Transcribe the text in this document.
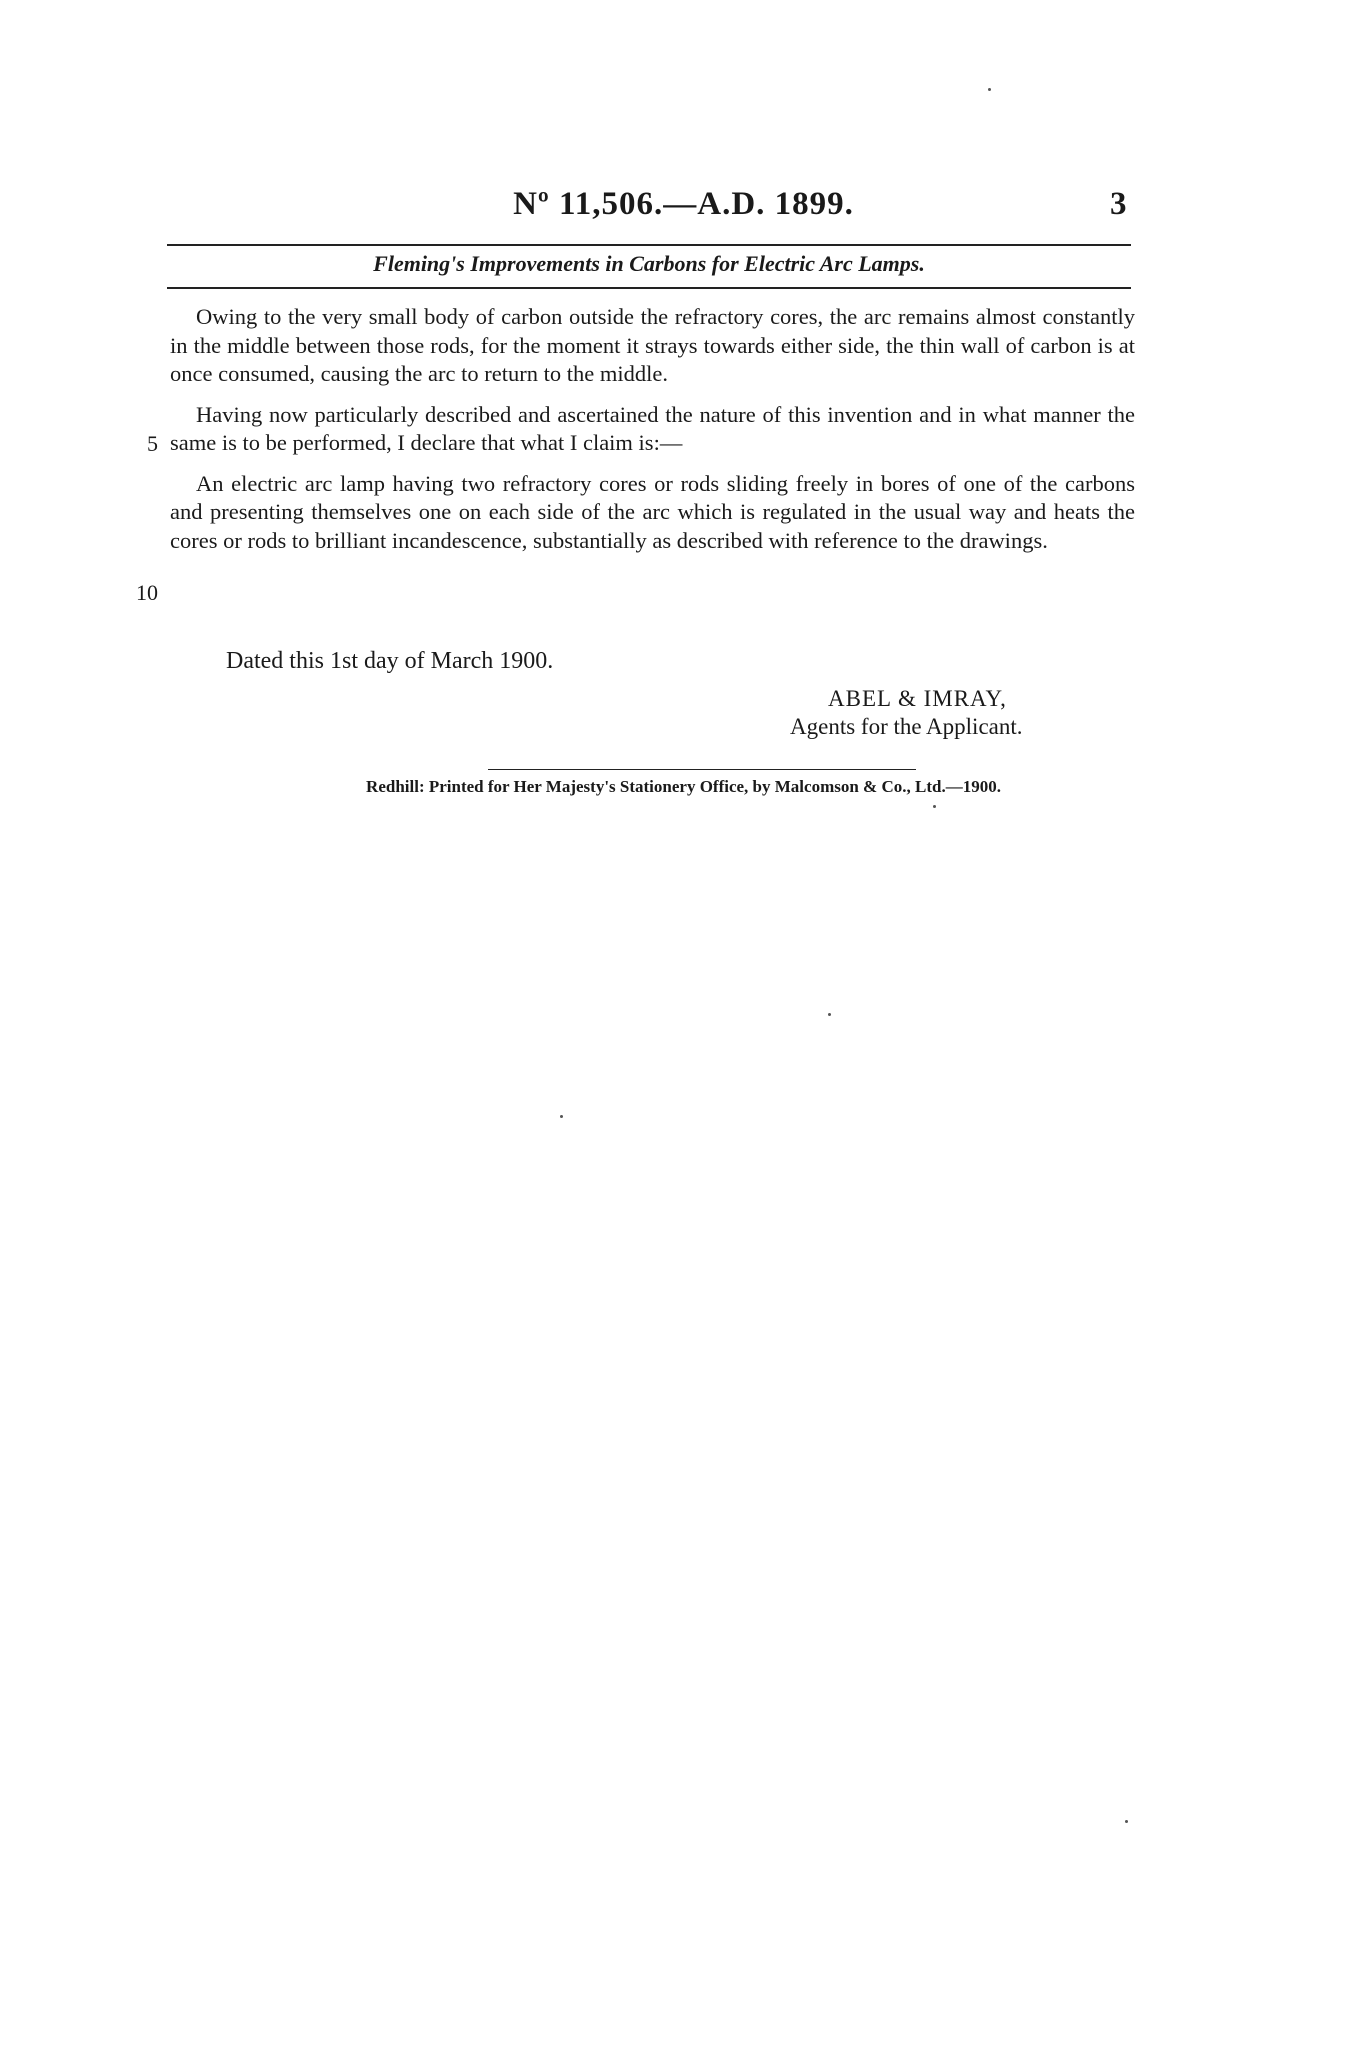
Nº 11,506.—A.D. 1899.	3
Fleming's Improvements in Carbons for Electric Arc Lamps.

Owing to the very small body of carbon outside the refractory cores, the arc remains almost constantly in the middle between those rods, for the moment it strays towards either side, the thin wall of carbon is at once consumed, causing the arc to return to the middle.

Having now particularly described and ascertained the nature of this invention and in what manner the same is to be performed, I declare that what I claim is:—

An electric arc lamp having two refractory cores or rods sliding freely in bores of one of the carbons and presenting themselves one on each side of the arc which is regulated in the usual way and heats the cores or rods to brilliant incandescence, substantially as described with reference to the drawings.

5
10
Dated this 1st day of March 1900.
ABEL & IMRAY,
Agents for the Applicant.
Redhill: Printed for Her Majesty's Stationery Office, by Malcomson & Co., Ltd.—1900.
